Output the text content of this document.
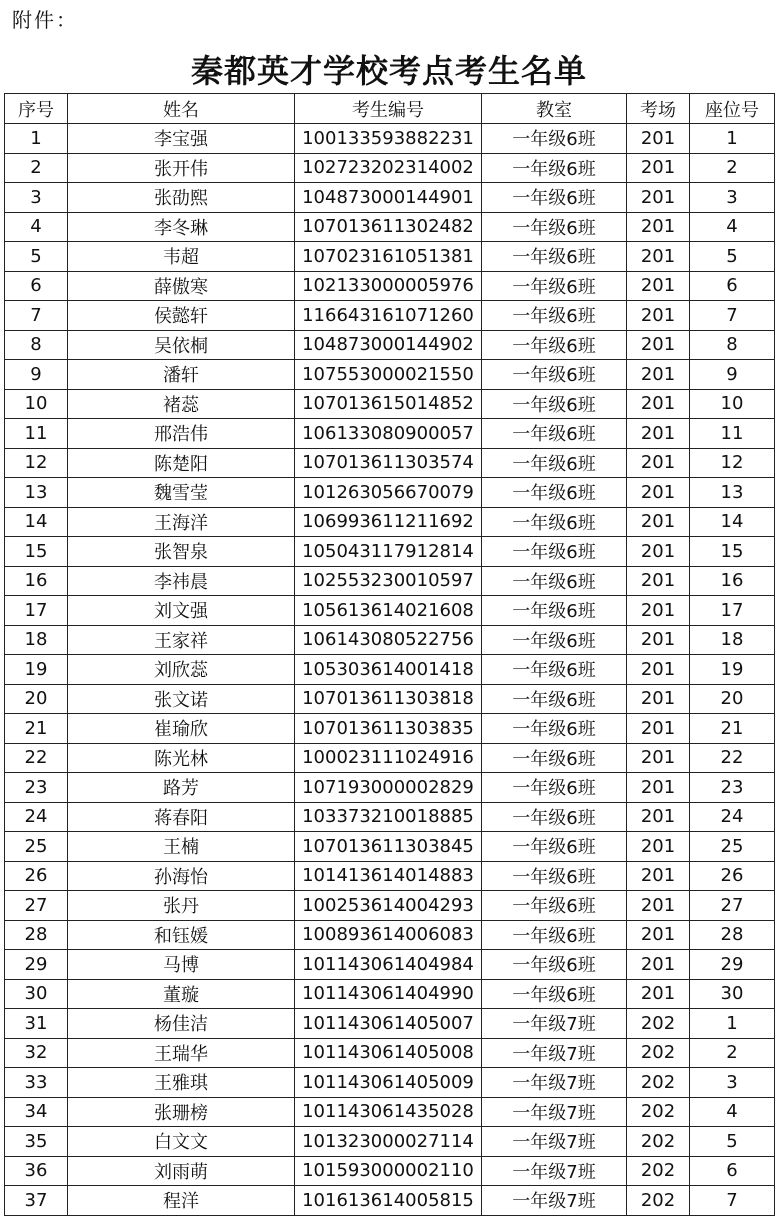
附件：
秦都英才学校考点考生名单
序号	姓名	考生编号	教室	考场	座位号
1	李宝强	100133593882231	一年级6班	201	1
2	张开伟	102723202314002	一年级6班	201	2
3	张劭熙	104873000144901	一年级6班	201	3
4	李冬琳	107013611302482	一年级6班	201	4
5	韦超	107023161051381	一年级6班	201	5
6	薛傲寒	102133000005976	一年级6班	201	6
7	侯懿轩	116643161071260	一年级6班	201	7
8	吴依桐	104873000144902	一年级6班	201	8
9	潘轩	107553000021550	一年级6班	201	9
10	褚蕊	107013615014852	一年级6班	201	10
11	邢浩伟	106133080900057	一年级6班	201	11
12	陈楚阳	107013611303574	一年级6班	201	12
13	魏雪莹	101263056670079	一年级6班	201	13
14	王海洋	106993611211692	一年级6班	201	14
15	张智泉	105043117912814	一年级6班	201	15
16	李祎晨	102553230010597	一年级6班	201	16
17	刘文强	105613614021608	一年级6班	201	17
18	王家祥	106143080522756	一年级6班	201	18
19	刘欣蕊	105303614001418	一年级6班	201	19
20	张文诺	107013611303818	一年级6班	201	20
21	崔瑜欣	107013611303835	一年级6班	201	21
22	陈光林	100023111024916	一年级6班	201	22
23	路芳	107193000002829	一年级6班	201	23
24	蒋春阳	103373210018885	一年级6班	201	24
25	王楠	107013611303845	一年级6班	201	25
26	孙海怡	101413614014883	一年级6班	201	26
27	张丹	100253614004293	一年级6班	201	27
28	和钰媛	100893614006083	一年级6班	201	28
29	马博	101143061404984	一年级6班	201	29
30	董璇	101143061404990	一年级6班	201	30
31	杨佳洁	101143061405007	一年级7班	202	1
32	王瑞华	101143061405008	一年级7班	202	2
33	王雅琪	101143061405009	一年级7班	202	3
34	张珊榜	101143061435028	一年级7班	202	4
35	白文文	101323000027114	一年级7班	202	5
36	刘雨萌	101593000002110	一年级7班	202	6
37	程洋	101613614005815	一年级7班	202	7
